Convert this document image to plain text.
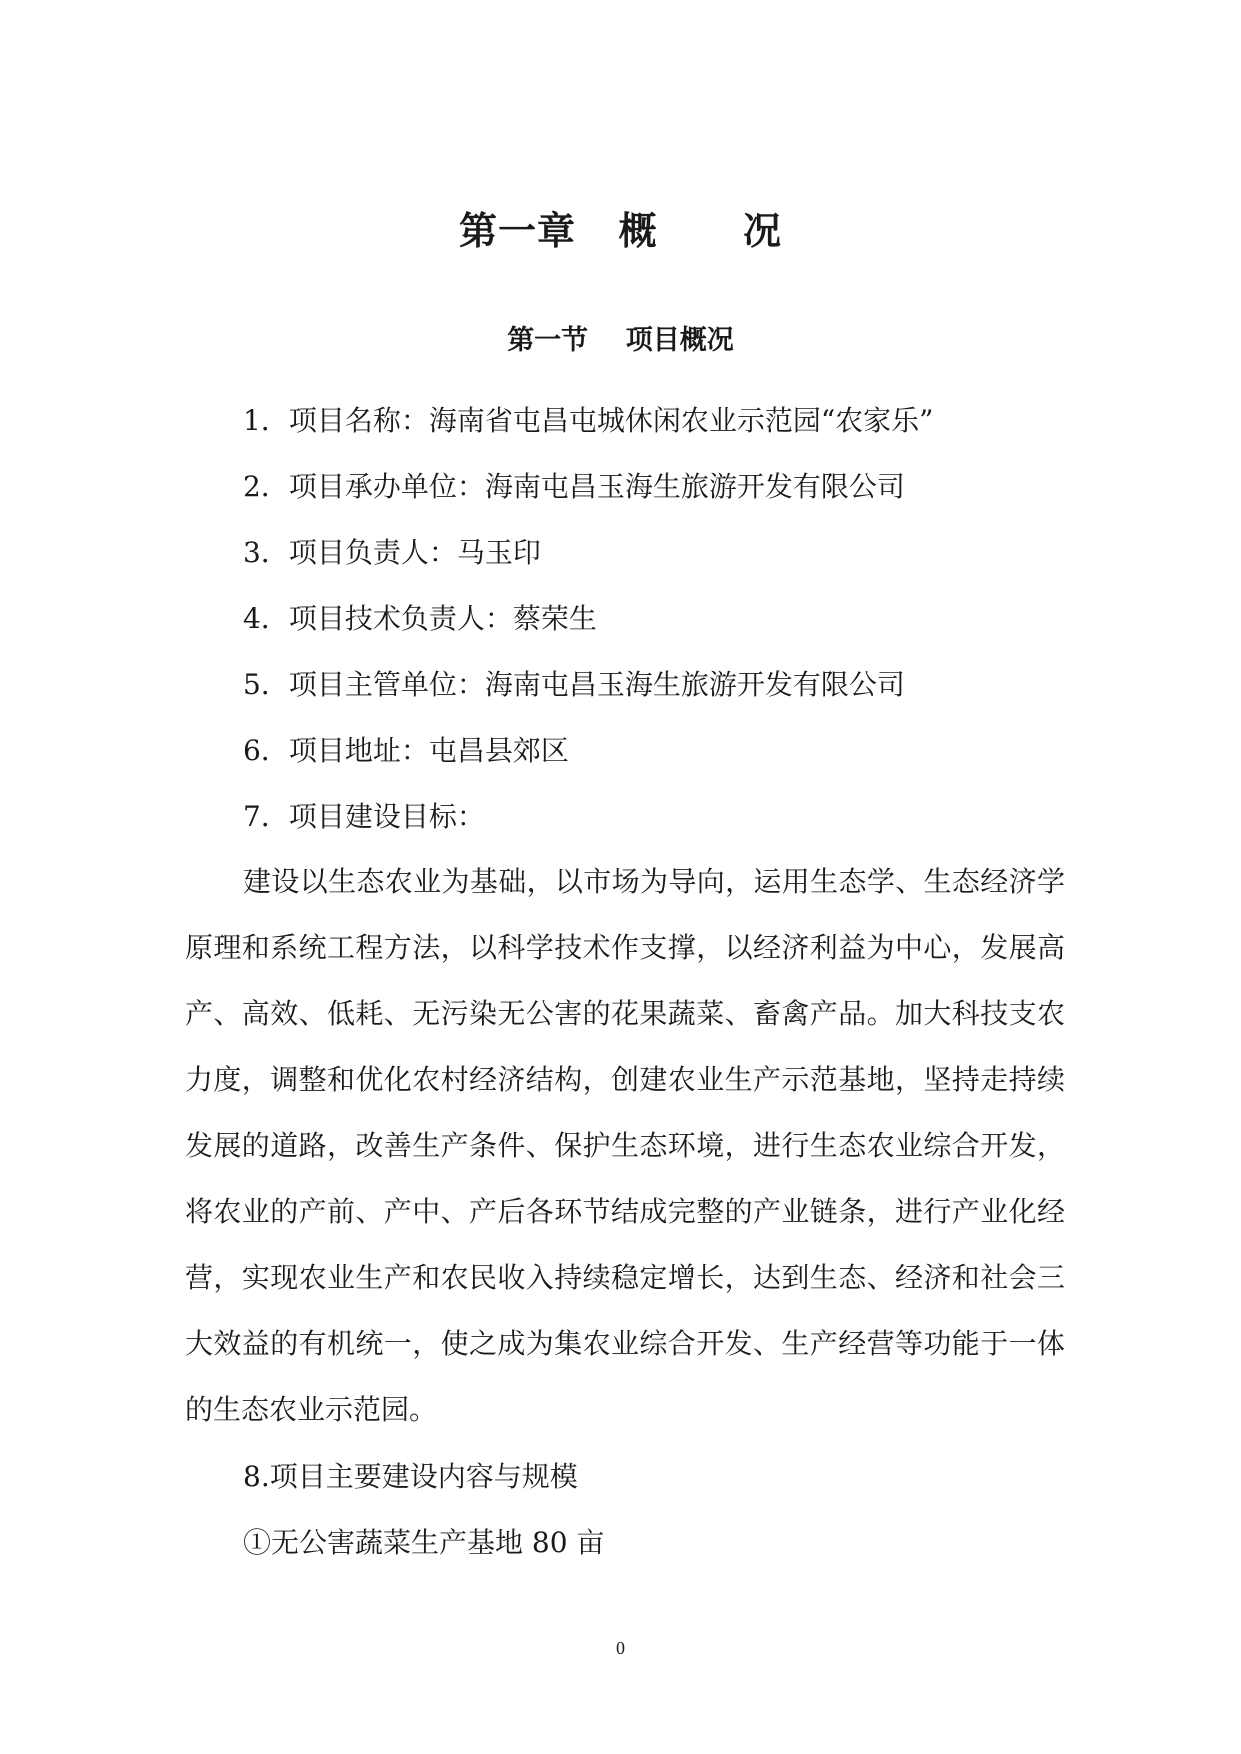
第一章   概      况
第一节    项目概况

1．项目名称：海南省屯昌屯城休闲农业示范园“农家乐”

2．项目承办单位：海南屯昌玉海生旅游开发有限公司

3．项目负责人：马玉印

4．项目技术负责人：蔡荣生

5．项目主管单位：海南屯昌玉海生旅游开发有限公司

6．项目地址：屯昌县郊区

7．项目建设目标：

建设以生态农业为基础，以市场为导向，运用生态学、生态经济学原理和系统工程方法，以科学技术作支撑，以经济利益为中心，发展高产、高效、低耗、无污染无公害的花果蔬菜、畜禽产品。加大科技支农力度，调整和优化农村经济结构，创建农业生产示范基地，坚持走持续发展的道路，改善生产条件、保护生态环境，进行生态农业综合开发，将农业的产前、产中、产后各环节结成完整的产业链条，进行产业化经营，实现农业生产和农民收入持续稳定增长，达到生态、经济和社会三大效益的有机统一，使之成为集农业综合开发、生产经营等功能于一体的生态农业示范园。

8.项目主要建设内容与规模

①无公害蔬菜生产基地 80 亩

0
